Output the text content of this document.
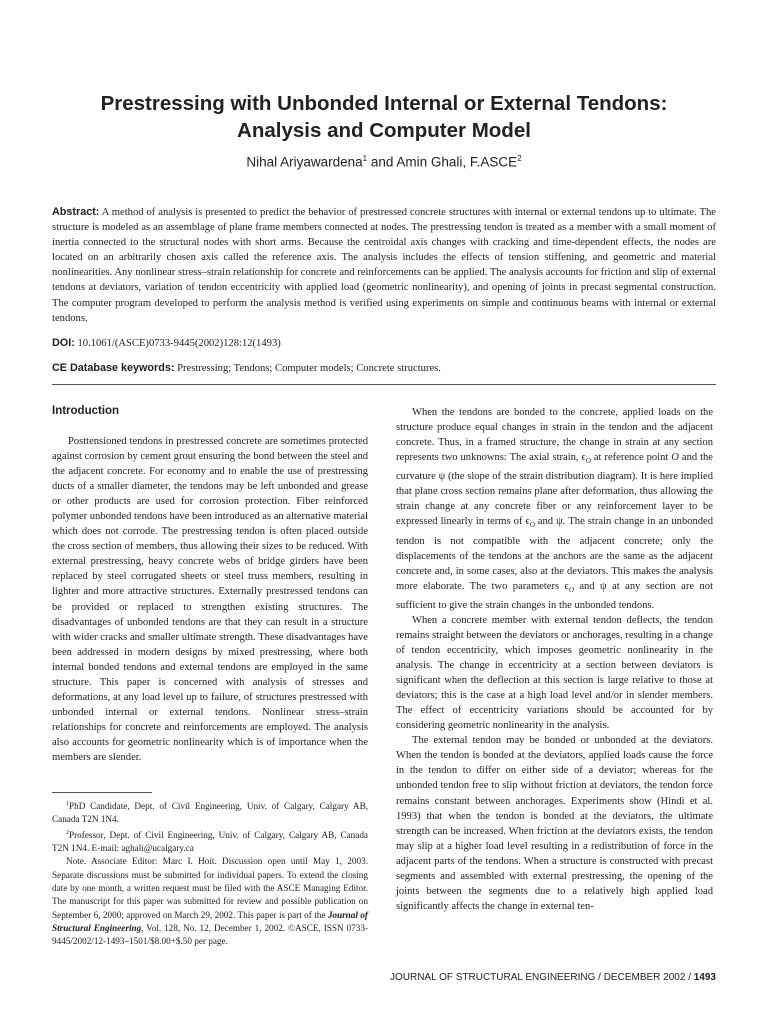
Prestressing with Unbonded Internal or External Tendons:
Analysis and Computer Model
Nihal Ariyawardena$^1$ and Amin Ghali, F.ASCE$^2$
Abstract: A method of analysis is presented to predict the behavior of prestressed concrete structures with internal or external tendons up to ultimate. The structure is modeled as an assemblage of plane frame members connected at nodes. The prestressing tendon is treated as a member with a small moment of inertia connected to the structural nodes with short arms. Because the centroidal axis changes with cracking and time-dependent effects, the nodes are located on an arbitrarily chosen axis called the reference axis. The analysis includes the effects of tension stiffening, and geometric and material nonlinearities. Any nonlinear stress–strain relationship for concrete and reinforcements can be applied. The analysis accounts for friction and slip of external tendons at deviators, variation of tendon eccentricity with applied load (geometric nonlinearity), and opening of joints in precast segmental construction. The computer program developed to perform the analysis method is verified using experiments on simple and continuous beams with internal or external tendons.
DOI: 10.1061/(ASCE)0733-9445(2002)128:12(1493)
CE Database keywords: Prestressing; Tendons; Computer models; Concrete structures.
Introduction

Posttensioned tendons in prestressed concrete are sometimes protected against corrosion by cement grout ensuring the bond between the steel and the adjacent concrete. For economy and to enable the use of prestressing ducts of a smaller diameter, the tendons may be left unbonded and grease or other products are used for corrosion protection. Fiber reinforced polymer unbonded tendons have been introduced as an alternative material which does not corrode. The prestressing tendon is often placed outside the cross section of members, thus allowing their sizes to be reduced. With external prestressing, heavy concrete webs of bridge girders have been replaced by steel corrugated sheets or steel truss members, resulting in lighter and more attractive structures. Externally prestressed tendons can be provided or replaced to strengthen existing structures. The disadvantages of unbonded tendons are that they can result in a structure with wider cracks and smaller ultimate strength. These disadvantages have been addressed in modern designs by mixed prestressing, where both internal bonded tendons and external tendons are employed in the same structure. This paper is concerned with analysis of stresses and deformations, at any load level up to failure, of structures prestressed with unbonded internal or external tendons. Nonlinear stress–strain relationships for concrete and reinforcements are employed. The analysis also accounts for geometric nonlinearity which is of importance when the members are slender.

$^1$PhD Candidate, Dept. of Civil Engineering, Univ. of Calgary, Calgary AB, Canada T2N 1N4.

$^2$Professor, Dept. of Civil Engineering, Univ. of Calgary, Calgary AB, Canada T2N 1N4. E-mail: aghali@ucalgary.ca

Note. Associate Editor: Marc I. Hoit. Discussion open until May 1, 2003. Separate discussions must be submitted for individual papers. To extend the closing date by one month, a written request must be filed with the ASCE Managing Editor. The manuscript for this paper was submitted for review and possible publication on September 6, 2000; approved on March 29, 2002. This paper is part of the Journal of Structural Engineering, Vol. 128, No. 12, December 1, 2002. ©ASCE, ISSN 0733-9445/2002/12-1493–1501/$8.00+$.50 per page.

When the tendons are bonded to the concrete, applied loads on the structure produce equal changes in strain in the tendon and the adjacent concrete. Thus, in a framed structure, the change in strain at any section represents two unknowns: The axial strain, $\epsilon_O$ at reference point O and the curvature ψ (the slope of the strain distribution diagram). It is here implied that plane cross section remains plane after deformation, thus allowing the strain change at any concrete fiber or any reinforcement layer to be expressed linearly in terms of $\epsilon_O$ and ψ. The strain change in an unbonded tendon is not compatible with the adjacent concrete; only the displacements of the tendons at the anchors are the same as the adjacent concrete and, in some cases, also at the deviators. This makes the analysis more elaborate. The two parameters $\epsilon_O$ and ψ at any section are not sufficient to give the strain changes in the unbonded tendons.

When a concrete member with external tendon deflects, the tendon remains straight between the deviators or anchorages, resulting in a change of tendon eccentricity, which imposes geometric nonlinearity in the analysis. The change in eccentricity at a section between deviators is significant when the deflection at this section is large relative to those at deviators; this is the case at a high load level and/or in slender members. The effect of eccentricity variations should be accounted for by considering geometric nonlinearity in the analysis.

The external tendon may be bonded or unbonded at the deviators. When the tendon is bonded at the deviators, applied loads cause the force in the tendon to differ on either side of a deviator; whereas for the unbonded tendon free to slip without friction at deviators, the tendon force remains constant between anchorages. Experiments show (Hindi et al. 1993) that when the tendon is bonded at the deviators, the ultimate strength can be increased. When friction at the deviators exists, the tendon may slip at a higher load level resulting in a redistribution of force in the adjacent parts of the tendons. When a structure is constructed with precast segments and assembled with external prestressing, the opening of the joints between the segments due to a relatively high applied load significantly affects the change in external ten-

JOURNAL OF STRUCTURAL ENGINEERING / DECEMBER 2002 / 1493
